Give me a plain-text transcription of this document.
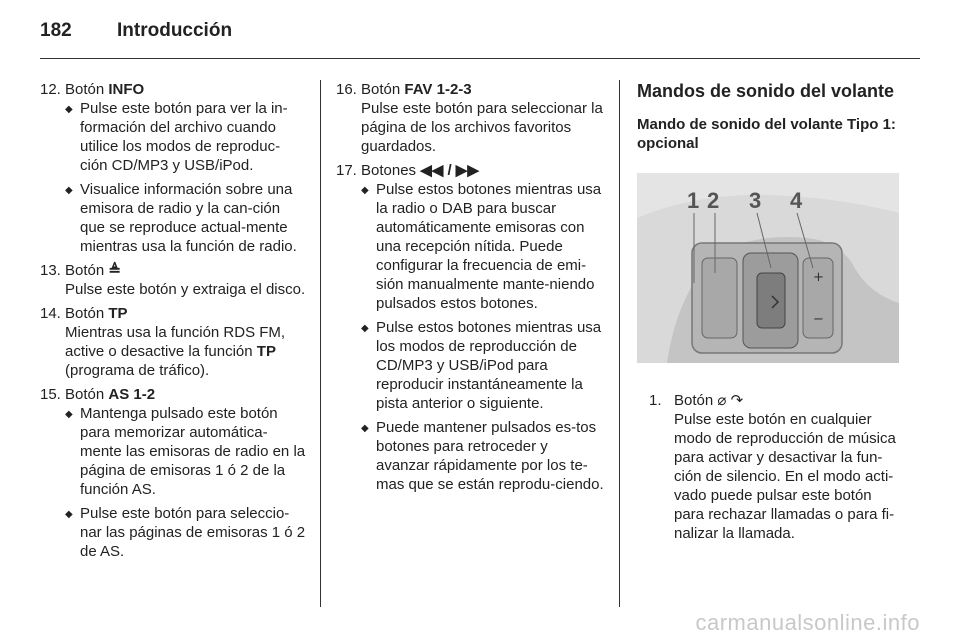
182 Introducción
12. Botón INFO
◆ Pulse este botón para ver la in-formación del archivo cuando utilice los modos de reproduc-ción CD/MP3 y USB/iPod.
◆ Visualice información sobre una emisora de radio y la can-ción que se reproduce actual-mente mientras usa la función de radio.
13. Botón ≜
Pulse este botón y extraiga el disco.
14. Botón TP
Mientras usa la función RDS FM, active o desactive la función TP (programa de tráfico).
15. Botón AS 1-2
◆ Mantenga pulsado este botón para memorizar automática-mente las emisoras de radio en la página de emisoras 1 ó 2 de la función AS.
◆ Pulse este botón para seleccio-nar las páginas de emisoras 1 ó 2 de AS.
16. Botón FAV 1-2-3
Pulse este botón para seleccionar la página de los archivos favoritos guardados.
17. Botones ◀◀ / ▶▶
◆ Pulse estos botones mientras usa la radio o DAB para buscar automáticamente emisoras con una recepción nítida. Puede configurar la frecuencia de emi-sión manualmente mante-niendo pulsados estos botones.
◆ Pulse estos botones mientras usa los modos de reproducción de CD/MP3 y USB/iPod para reproducir instantáneamente la pista anterior o siguiente.
◆ Puede mantener pulsados es-tos botones para retroceder y avanzar rápidamente por los te-mas que se están reprodu-ciendo.
Mandos de sonido del volante
Mando de sonido del volante Tipo 1: opcional
+
−
1 2 3 4
1. Botón ⌀ ↷
Pulse este botón en cualquier modo de reproducción de música para activar y desactivar la fun-ción de silencio. En el modo acti-vado puede pulsar este botón para rechazar llamadas o para fi-nalizar la llamada.
carmanualsonline.info
